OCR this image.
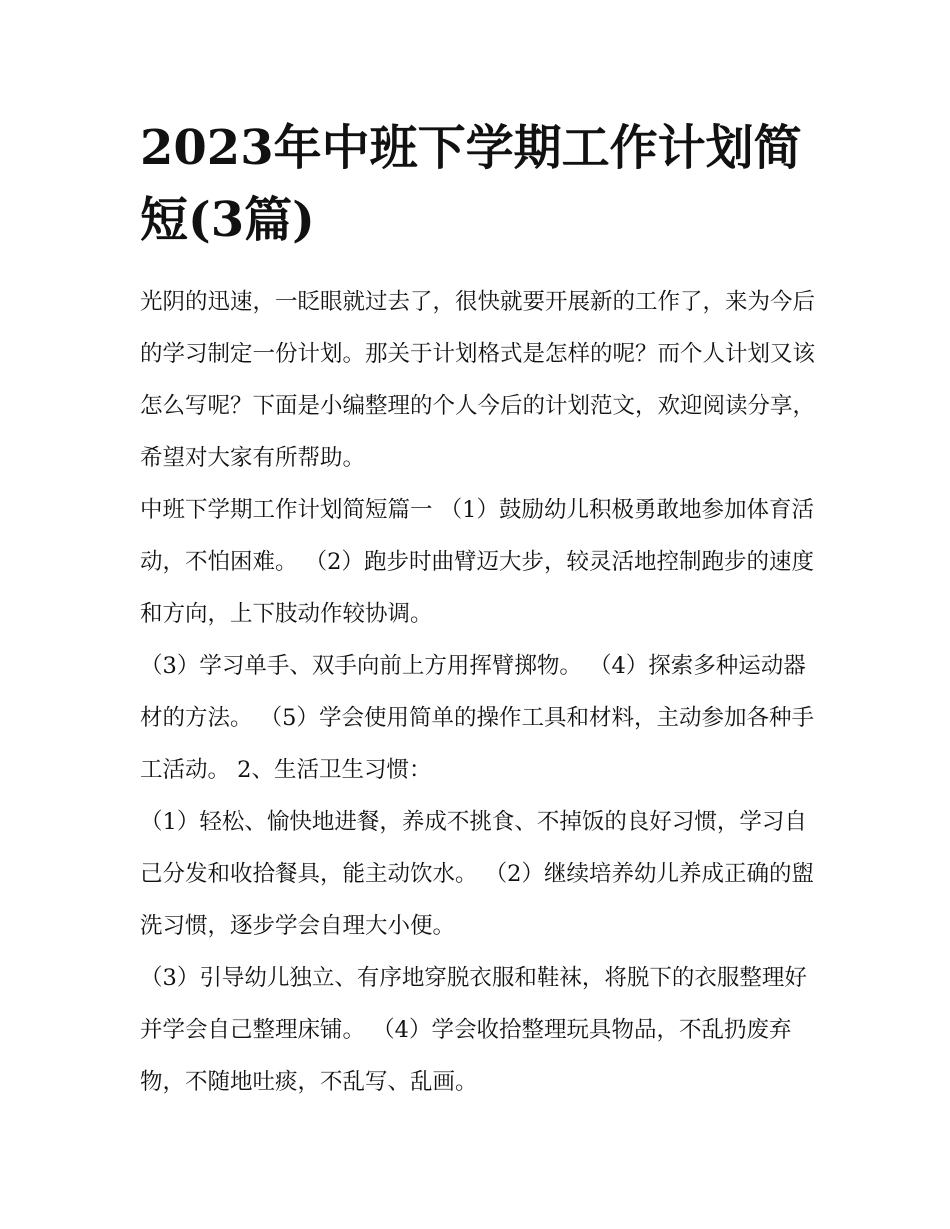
2023年中班下学期工作计划简短(3篇)

光阴的迅速，一眨眼就过去了，很快就要开展新的工作了，来为今后的学习制定一份计划。那关于计划格式是怎样的呢？而个人计划又该怎么写呢？下面是小编整理的个人今后的计划范文，欢迎阅读分享，希望对大家有所帮助。

中班下学期工作计划简短篇一 （1）鼓励幼儿积极勇敢地参加体育活动，不怕困难。 （2）跑步时曲臂迈大步，较灵活地控制跑步的速度和方向，上下肢动作较协调。

（3）学习单手、双手向前上方用挥臂掷物。 （4）探索多种运动器材的方法。 （5）学会使用简单的操作工具和材料，主动参加各种手工活动。 2、生活卫生习惯：

（1）轻松、愉快地进餐，养成不挑食、不掉饭的良好习惯，学习自己分发和收拾餐具，能主动饮水。 （2）继续培养幼儿养成正确的盥洗习惯，逐步学会自理大小便。

（3）引导幼儿独立、有序地穿脱衣服和鞋袜，将脱下的衣服整理好并学会自己整理床铺。 （4）学会收拾整理玩具物品，不乱扔废弃物，不随地吐痰，不乱写、乱画。
